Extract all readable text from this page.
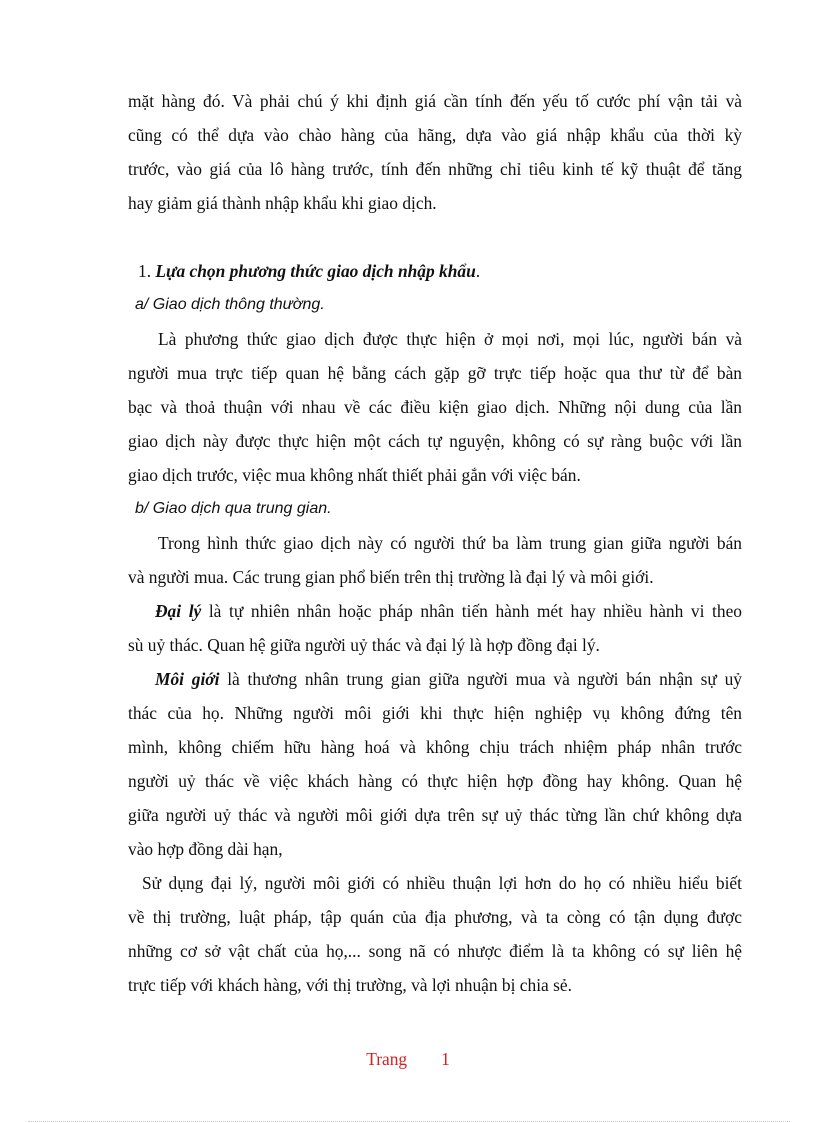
mặt hàng đó. Và phải chú ý khi định giá cần tính đến yếu tố cước phí vận tải và
cũng có thể dựa vào chào hàng của hãng, dựa vào giá nhập khẩu của thời kỳ
trước, vào giá của lô hàng trước, tính đến những chỉ tiêu kinh tế kỹ thuật để tăng
hay giảm giá thành nhập khẩu khi giao dịch.
1. Lựa chọn phương thức giao dịch nhập khẩu.
a/ Giao dịch thông thường.
Là phương thức giao dịch được thực hiện ở mọi nơi, mọi lúc, người bán và
người mua trực tiếp quan hệ bằng cách gặp gỡ trực tiếp hoặc qua thư từ để bàn
bạc và thoả thuận với nhau về các điều kiện giao dịch. Những nội dung của lần
giao dịch này được thực hiện một cách tự nguyện, không có sự ràng buộc với lần
giao dịch trước, việc mua không nhất thiết phải gắn với việc bán.
b/ Giao dịch qua trung gian.
Trong hình thức giao dịch này có người thứ ba làm trung gian giữa người bán
và người mua. Các trung gian phổ biến trên thị trường là đại lý và môi giới.
Đại lý là tự nhiên nhân hoặc pháp nhân tiến hành mét hay nhiều hành vi theo
sù uỷ thác. Quan hệ giữa người uỷ thác và đại lý là hợp đồng đại lý.
Môi giới là thương nhân trung gian giữa người mua và người bán nhận sự uỷ
thác của họ. Những người môi giới khi thực hiện nghiệp vụ không đứng tên
mình, không chiếm hữu hàng hoá và không chịu trách nhiệm pháp nhân trước
người uỷ thác về việc khách hàng có thực hiện hợp đồng hay không. Quan hệ
giữa người uỷ thác và người môi giới dựa trên sự uỷ thác từng lần chứ không dựa
vào hợp đồng dài hạn,
Sử dụng đại lý, người môi giới có nhiều thuận lợi hơn do họ có nhiều hiểu biết
về thị trường, luật pháp, tập quán của địa phương, và ta còng có tận dụng được
những cơ sở vật chất của họ,... song nã có nhược điểm là ta không có sự liên hệ
trực tiếp với khách hàng, với thị trường, và lợi nhuận bị chia sẻ.
Trang 1
